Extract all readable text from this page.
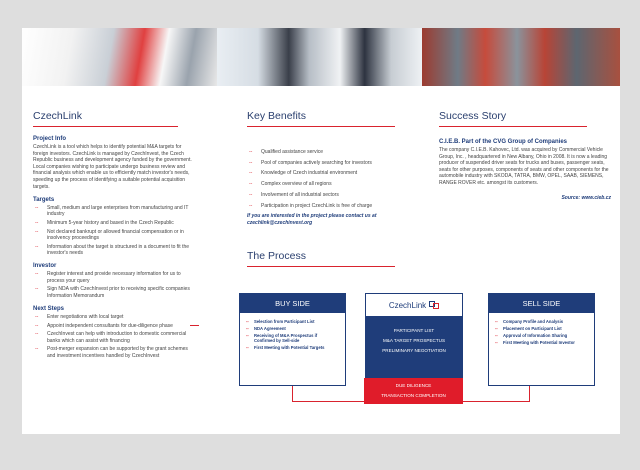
CzechLink
Project Info
CzechLink is a tool which helps to identify potential M&A targets for foreign investors. CzechLink is managed by CzechInvest, the Czech Republic business and development agency funded by the government. Local companies wishing to participate undergo business review and financial analysis which enable us to efficiently match investor's needs, speeding up the process of identifying a suitable potential acquisition targets.
Targets
-- Small, medium and large enterprises from manufacturing and IT industry
-- Minimum 5-year history and based in the Czech Republic
-- Not declared bankrupt or allowed financial compensation or in insolvency proceedings
-- Information about the target is structured in a document to fit the investor's needs
Investor
-- Register interest and provide necessary information for us to process your query
-- Sign NDA with CzechInvest prior to receiving specific companies Information Memorandum
Next Steps
-- Enter negotiations with local target
-- Appoint independent consultants for due-diligence phase
-- CzechInvest can help with introduction to domestic commercial banks which can assist with financing
-- Post-merger expansion can be supported by the grant schemes and investment incentives handled by CzechInvest
Key Benefits
-- Qualified assistance service
-- Pool of companies actively searching for investors
-- Knowledge of Czech industrial environment
-- Complex overview of all regions
-- Involvement of all industrial sectors
-- Participation in project CzechLink is free of charge
If you are interested in the project please contact us at czechlink@czechinvest.org
Success Story
C.I.E.B. Part of the CVG Group of Companies
The company C.I.E.B. Kahovec, Ltd. was acquired by Commercial Vehicle Group, Inc. , headquartered in New Albany, Ohio in 2008. It is now a leading producer of suspended driver seats for trucks and buses, passenger seats, seats for other purposes, components of seats and other components for the automobile industry with SKODA, TATRA, BMW, OPEL, SAAB, SIEMENS, RANGE ROVER etc. amongst its customers.
Source: www.cieb.cz
The Process
BUY SIDE
-- Selection from Participant List
-- NDA Agreement
-- Receiving of M&A Prospectus if Confirmed by Sell-side
-- First Meeting with Potential Targets
CzechLink
PARTICIPANT LIST
M&A TARGET PROSPECTUS
PRELIMINARY NEGOTIATION
SELL SIDE
-- Company Profile and Analysis
-- Placement on Participant List
-- Approval of Information Sharing
-- First Meeting with Potential Investor
DUE DILIGENCE
TRANSACTION COMPLETION
